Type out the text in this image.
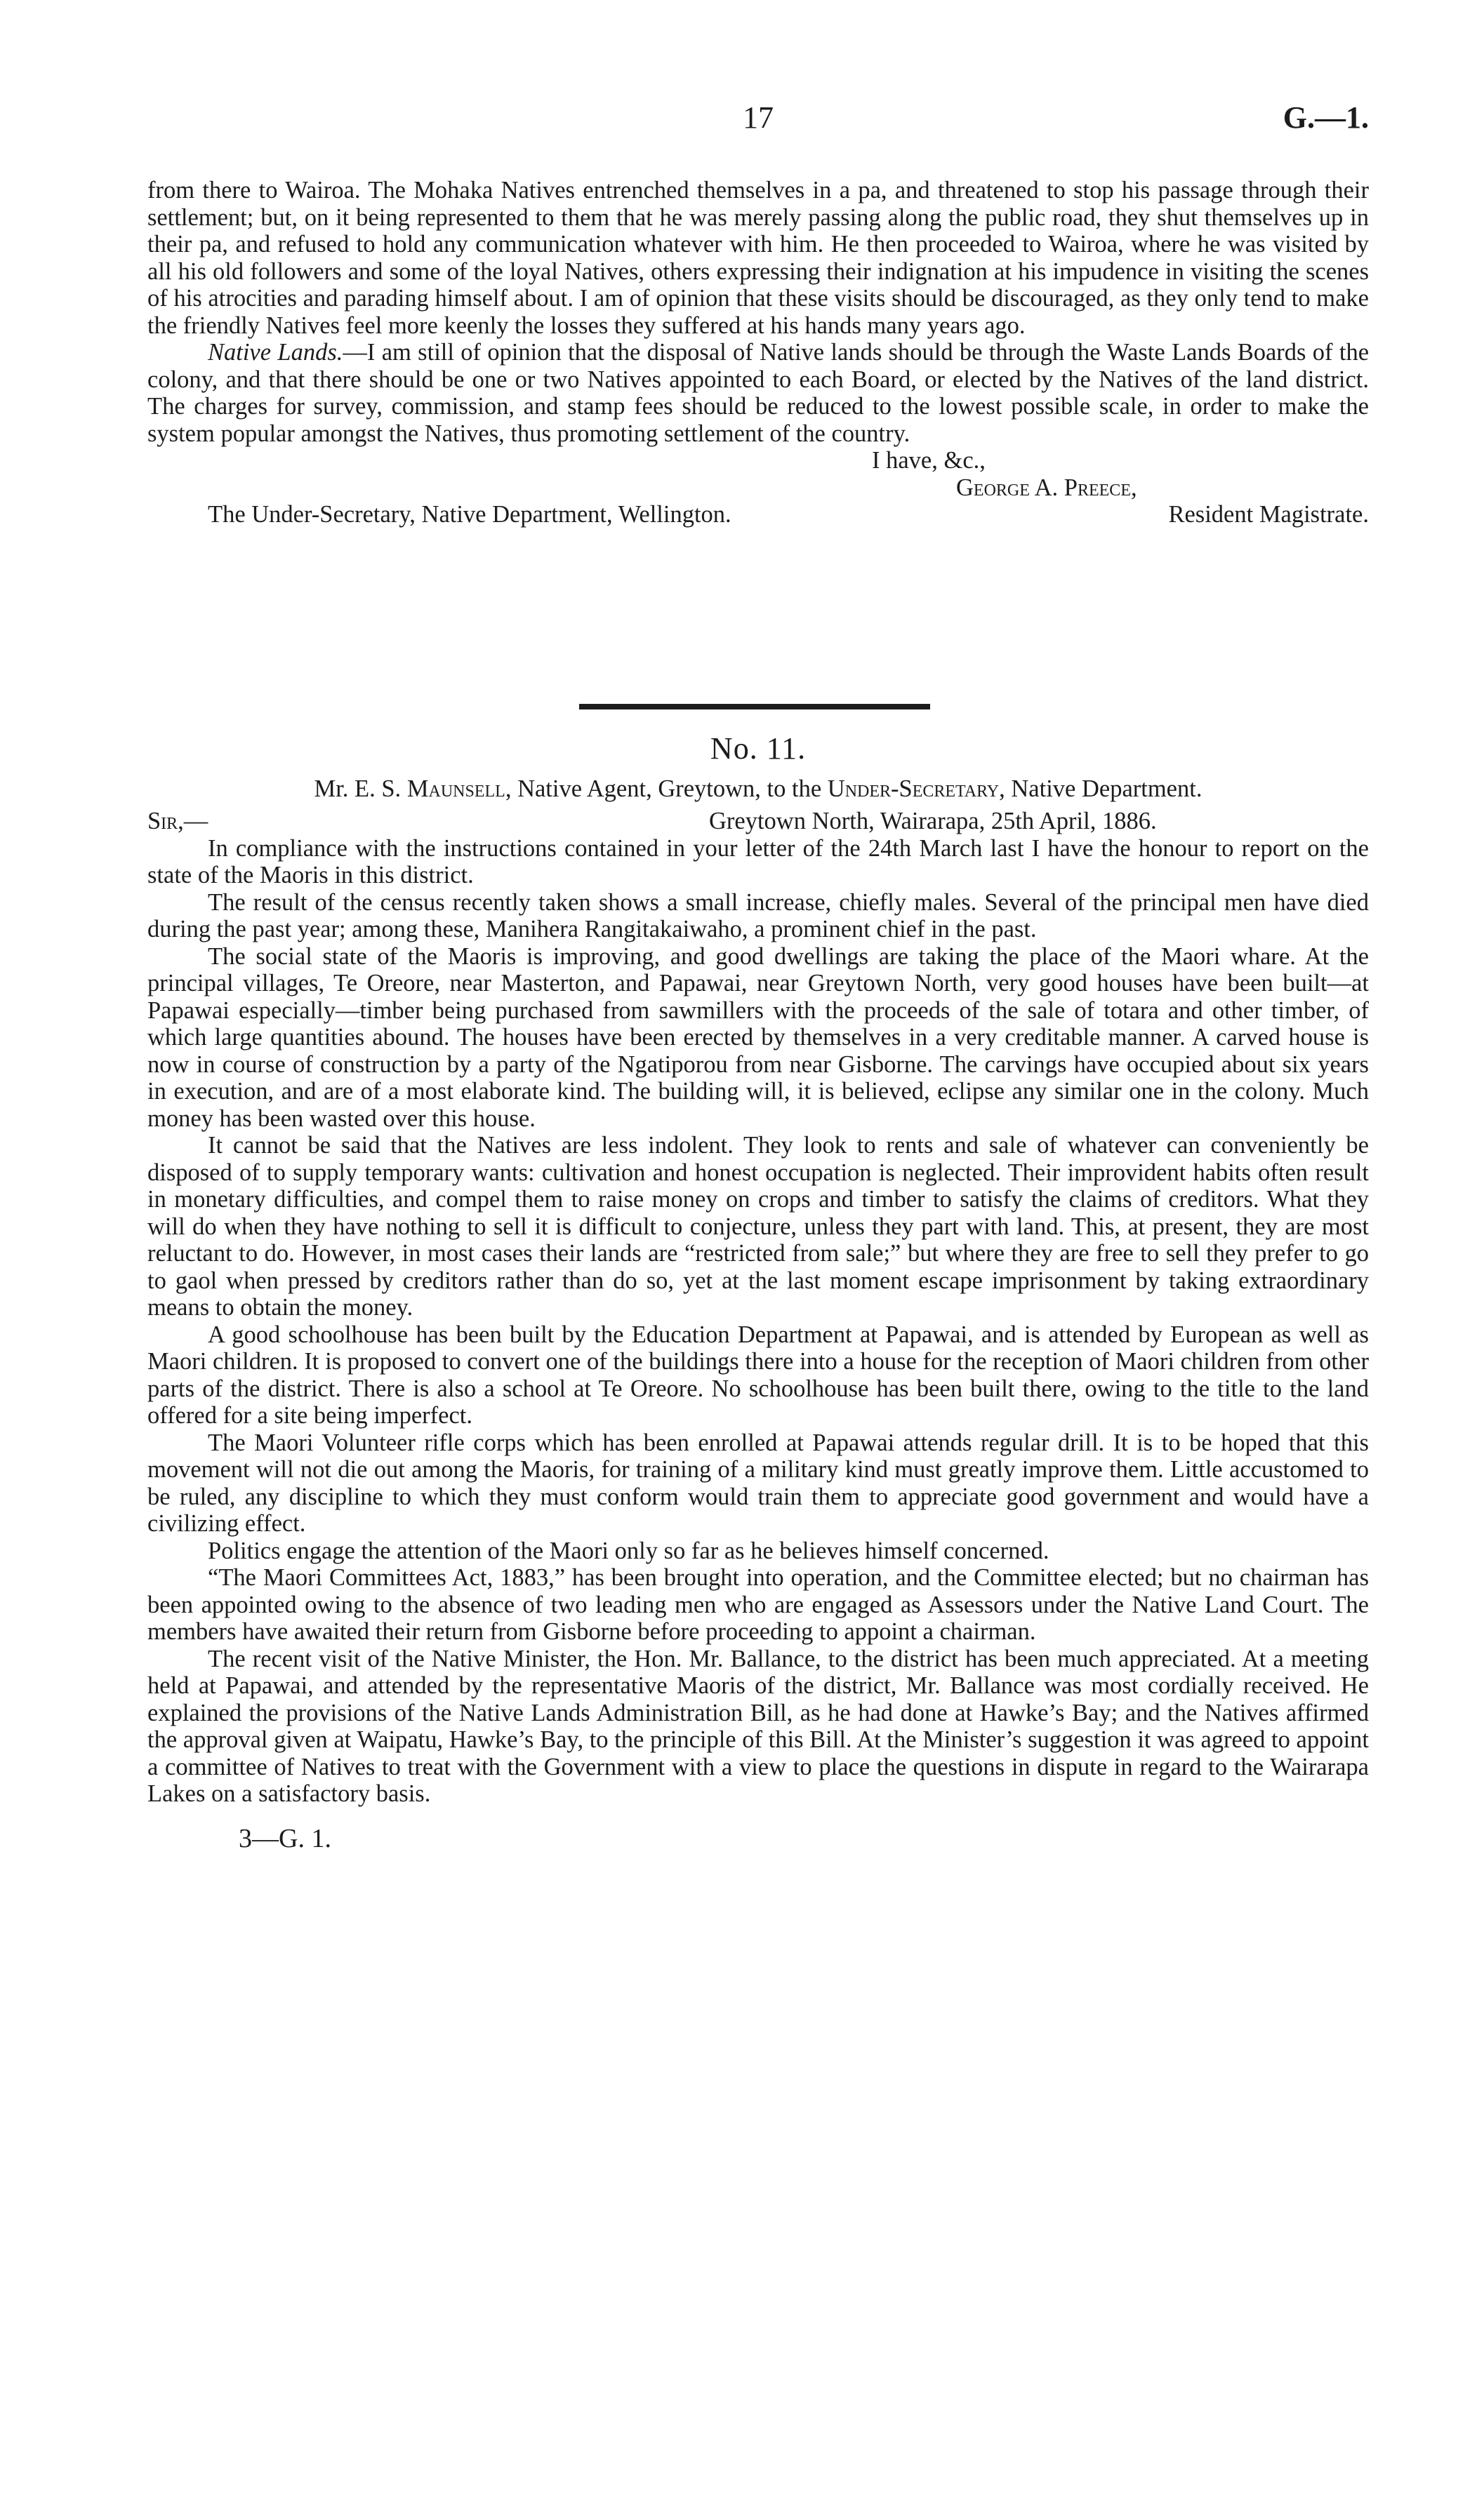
17	G.—1.

from there to Wairoa. The Mohaka Natives entrenched themselves in a pa, and threatened to stop his passage through their settlement; but, on it being represented to them that he was merely passing along the public road, they shut themselves up in their pa, and refused to hold any communication whatever with him. He then proceeded to Wairoa, where he was visited by all his old followers and some of the loyal Natives, others expressing their indignation at his impudence in visiting the scenes of his atrocities and parading himself about. I am of opinion that these visits should be discouraged, as they only tend to make the friendly Natives feel more keenly the losses they suffered at his hands many years ago.

Native Lands.—I am still of opinion that the disposal of Native lands should be through the Waste Lands Boards of the colony, and that there should be one or two Natives appointed to each Board, or elected by the Natives of the land district. The charges for survey, commission, and stamp fees should be reduced to the lowest possible scale, in order to make the system popular amongst the Natives, thus promoting settlement of the country.

I have, &c.,
George A. Preece,
The Under-Secretary, Native Department, Wellington.	Resident Magistrate.
No. 11.
Mr. E. S. Maunsell, Native Agent, Greytown, to the Under-Secretary, Native Department.
Sir,—	Greytown North, Wairarapa, 25th April, 1886.

In compliance with the instructions contained in your letter of the 24th March last I have the honour to report on the state of the Maoris in this district.

The result of the census recently taken shows a small increase, chiefly males. Several of the principal men have died during the past year; among these, Manihera Rangitakaiwaho, a prominent chief in the past.

The social state of the Maoris is improving, and good dwellings are taking the place of the Maori whare. At the principal villages, Te Oreore, near Masterton, and Papawai, near Greytown North, very good houses have been built—at Papawai especially—timber being purchased from sawmillers with the proceeds of the sale of totara and other timber, of which large quantities abound. The houses have been erected by themselves in a very creditable manner. A carved house is now in course of construction by a party of the Ngatiporou from near Gisborne. The carvings have occupied about six years in execution, and are of a most elaborate kind. The building will, it is believed, eclipse any similar one in the colony. Much money has been wasted over this house.

It cannot be said that the Natives are less indolent. They look to rents and sale of whatever can conveniently be disposed of to supply temporary wants: cultivation and honest occupation is neglected. Their improvident habits often result in monetary difficulties, and compel them to raise money on crops and timber to satisfy the claims of creditors. What they will do when they have nothing to sell it is difficult to conjecture, unless they part with land. This, at present, they are most reluctant to do. However, in most cases their lands are “restricted from sale;” but where they are free to sell they prefer to go to gaol when pressed by creditors rather than do so, yet at the last moment escape imprisonment by taking extraordinary means to obtain the money.

A good schoolhouse has been built by the Education Department at Papawai, and is attended by European as well as Maori children. It is proposed to convert one of the buildings there into a house for the reception of Maori children from other parts of the district. There is also a school at Te Oreore. No schoolhouse has been built there, owing to the title to the land offered for a site being imperfect.

The Maori Volunteer rifle corps which has been enrolled at Papawai attends regular drill. It is to be hoped that this movement will not die out among the Maoris, for training of a military kind must greatly improve them. Little accustomed to be ruled, any discipline to which they must conform would train them to appreciate good government and would have a civilizing effect.

Politics engage the attention of the Maori only so far as he believes himself concerned.

“The Maori Committees Act, 1883,” has been brought into operation, and the Committee elected; but no chairman has been appointed owing to the absence of two leading men who are engaged as Assessors under the Native Land Court. The members have awaited their return from Gisborne before proceeding to appoint a chairman.

The recent visit of the Native Minister, the Hon. Mr. Ballance, to the district has been much appreciated. At a meeting held at Papawai, and attended by the representative Maoris of the district, Mr. Ballance was most cordially received. He explained the provisions of the Native Lands Administration Bill, as he had done at Hawke’s Bay; and the Natives affirmed the approval given at Waipatu, Hawke’s Bay, to the principle of this Bill. At the Minister’s suggestion it was agreed to appoint a committee of Natives to treat with the Government with a view to place the questions in dispute in regard to the Wairarapa Lakes on a satisfactory basis.

3—G. 1.
